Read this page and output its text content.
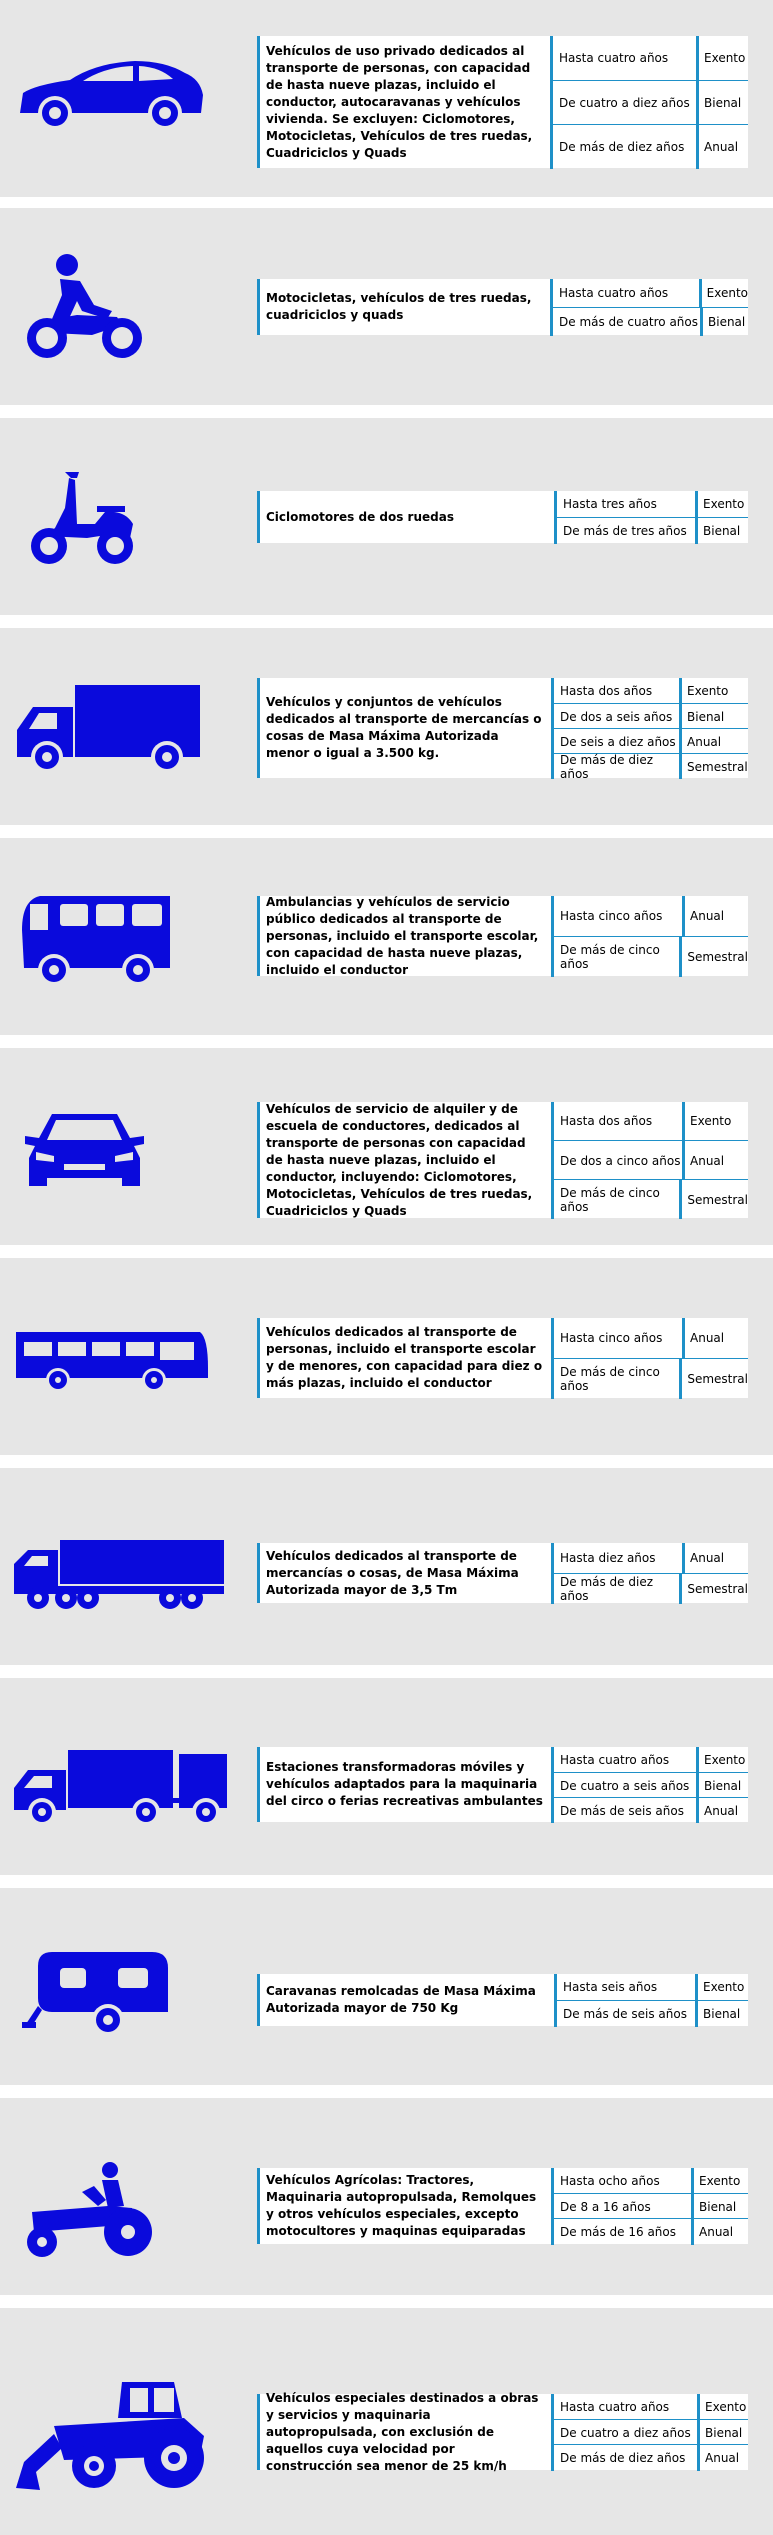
Vehículos de uso privado dedicados al transporte de personas, con capacidad de hasta nueve plazas, incluido el conductor, autocaravanas y vehículos vivienda. Se excluyen: Ciclomotores, Motocicletas, Vehículos de tres ruedas, Cuadriciclos y Quads
Hasta cuatro años	Exento
De cuatro a diez años	Bienal
De más de diez años	Anual
Motocicletas, vehículos de tres ruedas, cuadriciclos y quads
Hasta cuatro años	Exento
De más de cuatro años Bienal
Ciclomotores de dos ruedas
Hasta tres años	Exento
De más de tres años	Bienal
Vehículos y conjuntos de vehículos dedicados al transporte de mercancías o cosas de Masa Máxima Autorizada menor o igual a 3.500 kg.
Hasta dos años	Exento
De dos a seis años	Bienal
De seis a diez años Anual
De más de diez años	Semestral
Ambulancias y vehículos de servicio público dedicados al transporte de personas, incluido el transporte escolar, con capacidad de hasta nueve plazas, incluido el conductor
Hasta cinco años	Anual
De más de cinco años	Semestral
Vehículos de servicio de alquiler y de escuela de conductores, dedicados al transporte de personas con capacidad de hasta nueve plazas, incluido el conductor, incluyendo: Ciclomotores, Motocicletas, Vehículos de tres ruedas, Cuadriciclos y Quads
Hasta dos años	Exento
De dos a cinco años Anual
De más de cinco años	Semestral
Vehículos dedicados al transporte de personas, incluido el transporte escolar y de menores, con capacidad para diez o más plazas, incluido el conductor
Hasta cinco años	Anual
De más de cinco años	Semestral
Vehículos dedicados al transporte de mercancías o cosas, de Masa Máxima Autorizada mayor de 3,5 Tm
Hasta diez años	Anual
De más de diez años	Semestral
Estaciones transformadoras móviles y vehículos adaptados para la maquinaria del circo o ferias recreativas ambulantes
Hasta cuatro años	Exento
De cuatro a seis años	Bienal
De más de seis años	Anual
Caravanas remolcadas de Masa Máxima Autorizada mayor de 750 Kg
Hasta seis años	Exento
De más de seis años	Bienal
Vehículos Agrícolas: Tractores, Maquinaria autopropulsada, Remolques y otros vehículos especiales, excepto motocultores y maquinas equiparadas
Hasta ocho años	Exento
De 8 a 16 años	Bienal
De más de 16 años	Anual
Vehículos especiales destinados a obras y servicios y maquinaria autopropulsada, con exclusión de aquellos cuya velocidad por construcción sea menor de 25 km/h
Hasta cuatro años	Exento
De cuatro a diez años	Bienal
De más de diez años	Anual
